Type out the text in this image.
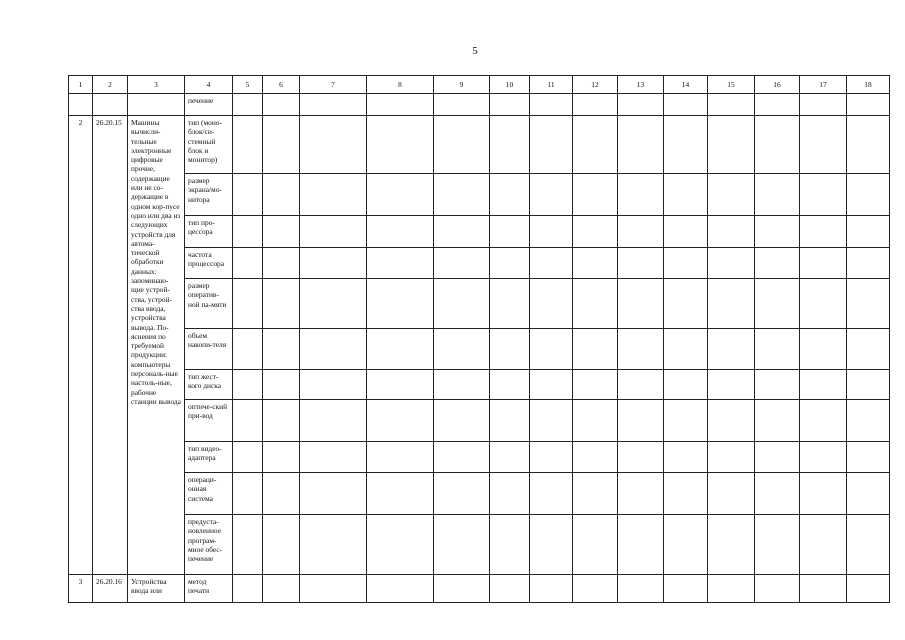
5
1	2	3	4	5	6	7	8	9	10	11	12	13	14	15	16	17	18
			печение														
2	26.20.15	Машины вычисли-тельные электронные цифровые прочие, содержащие или не со-держащие в одном кор-пусе одно или два из следующих устройств для автома-тической обработки данных: запоминаю-щие устрой-ства, устрой-ства ввода, устройства вывода. По-яснения по требуемой продукции: компьютеры персональ-ные настоль-ные, рабочие станции вывода	тип (моно-блок/си-стемный блок и монитор)														
			размер экрана/мо-нитора														
			тип про-цессора														
			частота процессора														
			размер оператив-ной па-мяти														
			объем накопи-теля														
			тип жест-кого диска														
			оптиче-ский при-вод														
			тип видео-адаптера														
			операци-онная система														
			предуста-новленное програм-мное обес-печение														
3	26.20.16	Устройства ввода или	метод печати														
